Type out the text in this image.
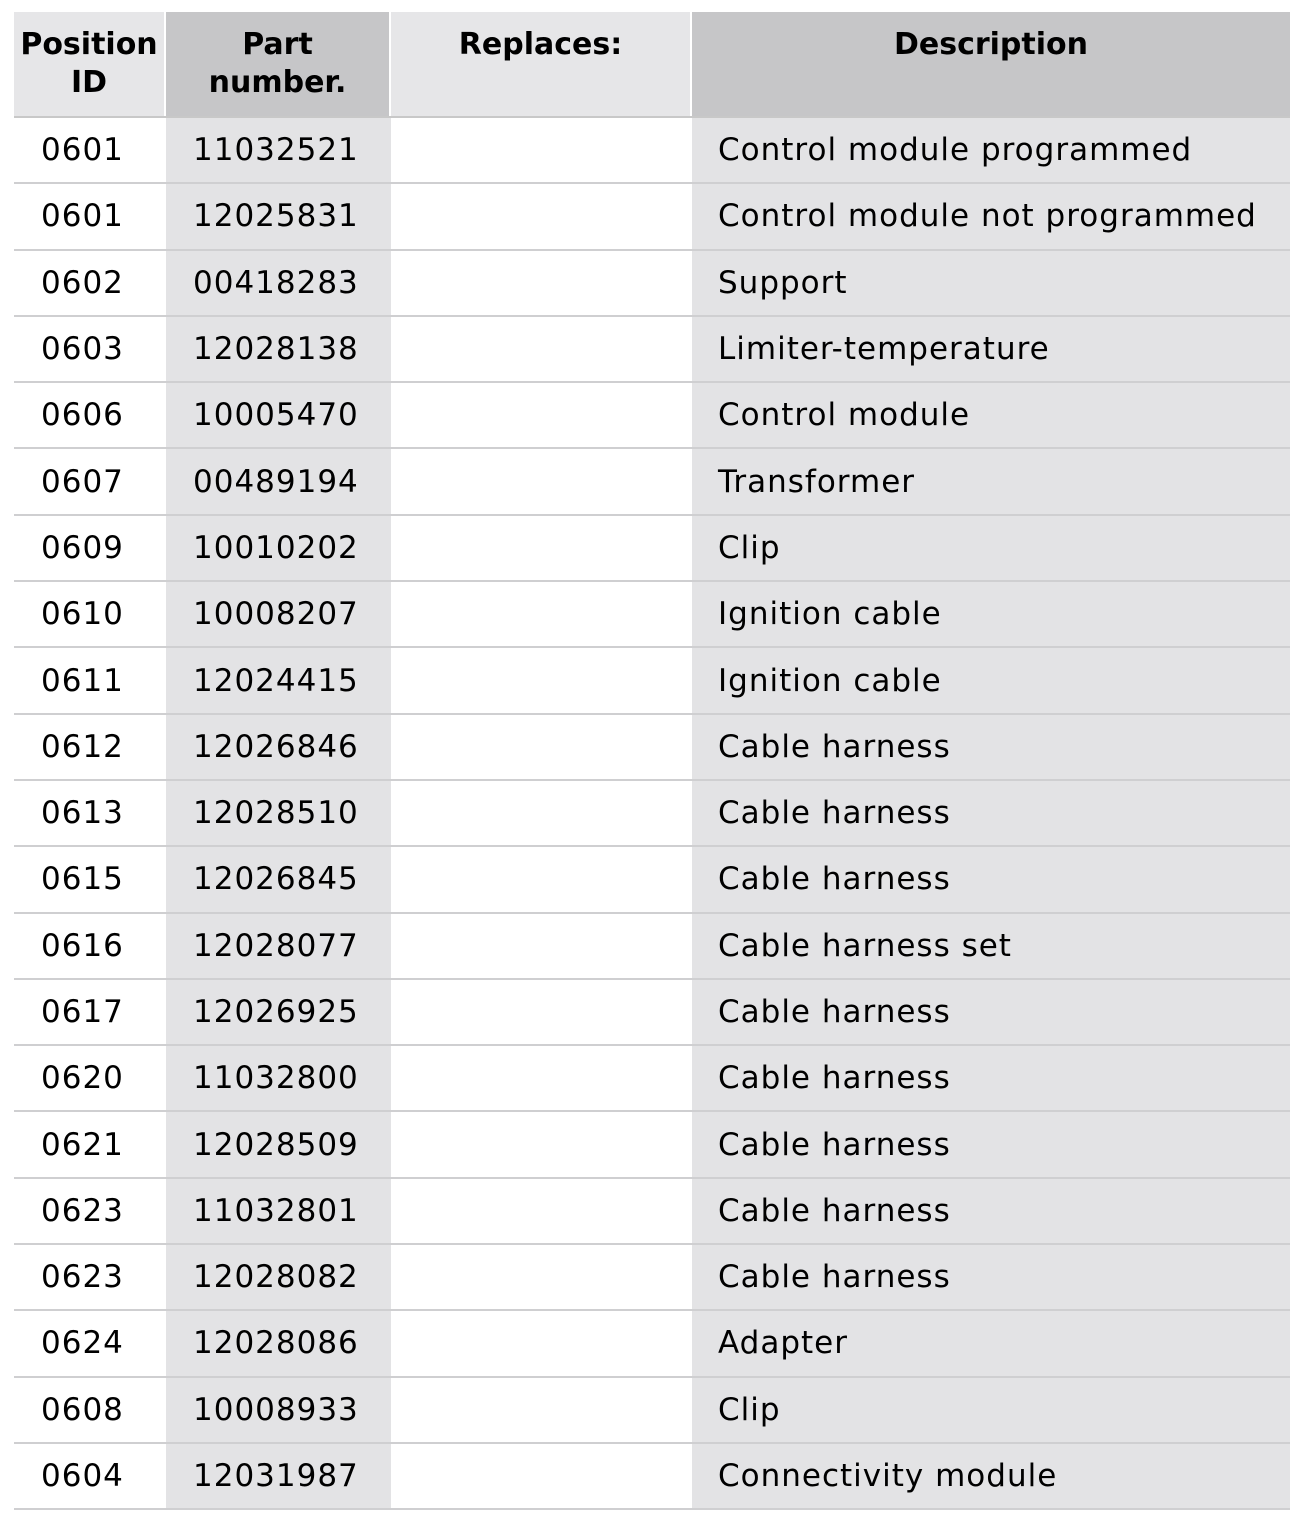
Position ID	Part number.	Replaces:	Description
0601	11032521		Control module programmed
0601	12025831		Control module not programmed
0602	00418283		Support
0603	12028138		Limiter-temperature
0606	10005470		Control module
0607	00489194		Transformer
0609	10010202		Clip
0610	10008207		Ignition cable
0611	12024415		Ignition cable
0612	12026846		Cable harness
0613	12028510		Cable harness
0615	12026845		Cable harness
0616	12028077		Cable harness set
0617	12026925		Cable harness
0620	11032800		Cable harness
0621	12028509		Cable harness
0623	11032801		Cable harness
0623	12028082		Cable harness
0624	12028086		Adapter
0608	10008933		Clip
0604	12031987		Connectivity module
